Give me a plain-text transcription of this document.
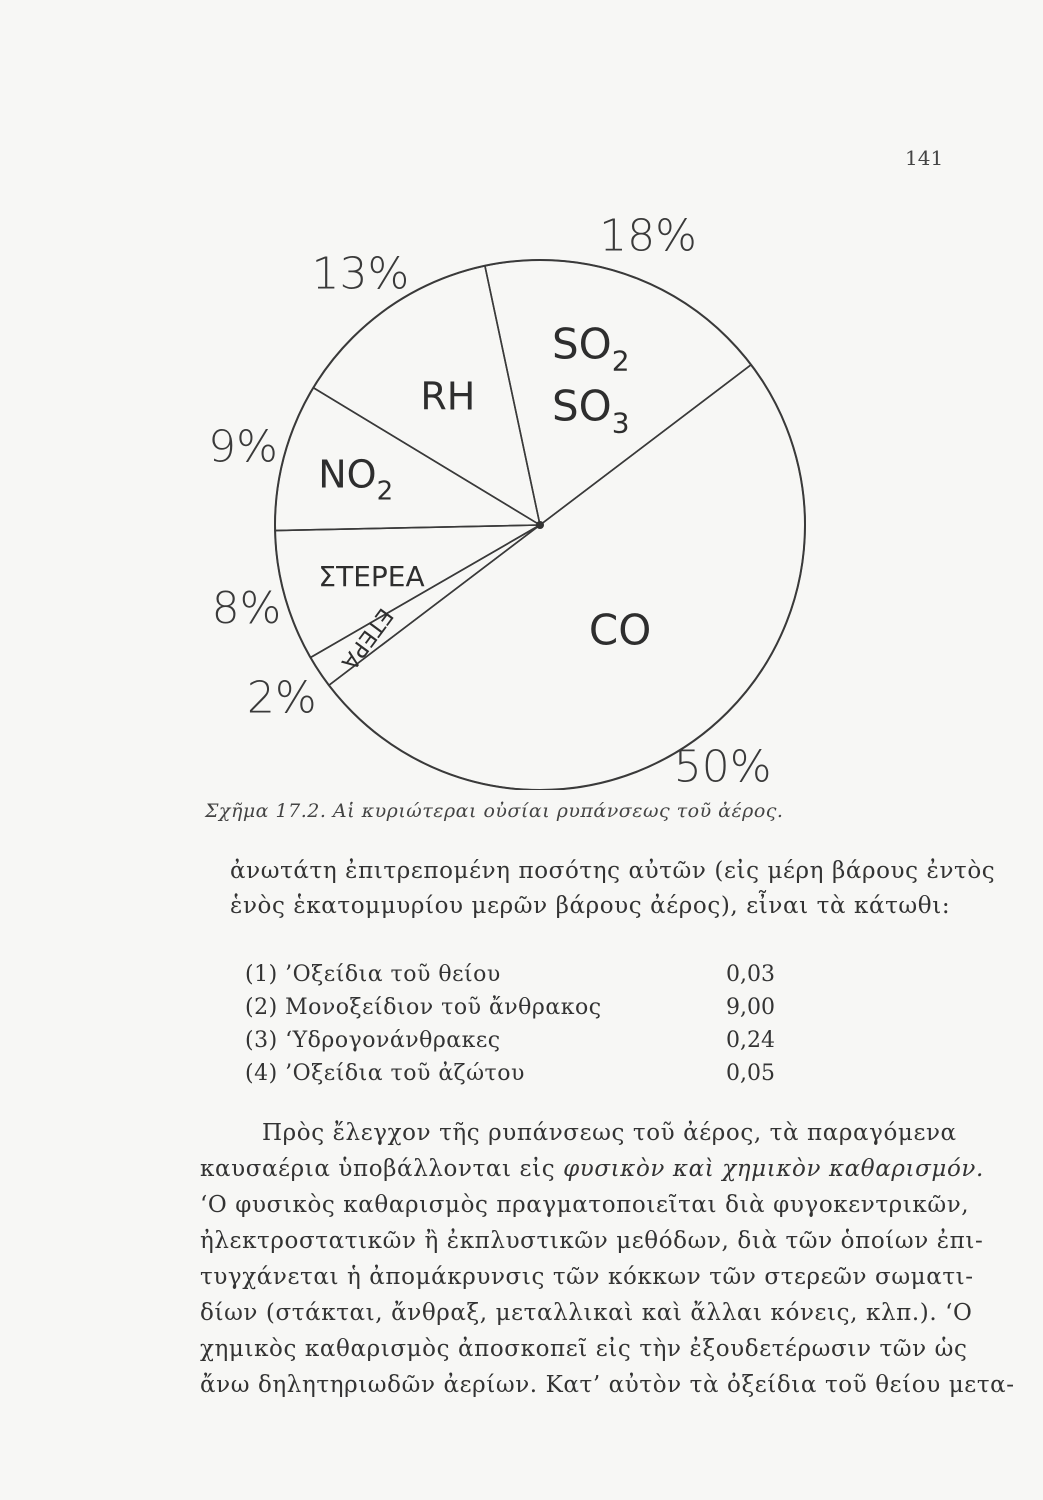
141
$SO_2$
$SO_3$
18%
CO
50%
ΕΤΕΡΑ
2%
ΣΤΕΡΕΑ
8%
$NO_2$
9%
RH
13%
Σχῆμα 17.2. Αἱ κυριώτεραι οὐσίαι ρυπάνσεως τοῦ ἀέρος.
ἀνωτάτη ἐπιτρεπομένη ποσότης αὐτῶν (εἰς μέρη βάρους ἐντὸς
ἑνὸς ἑκατομμυρίου μερῶν βάρους ἀέρος), εἶναι τὰ κάτωθι:
(1) ’Οξείδια τοῦ θείου	0,03
(2) Μονοξείδιον τοῦ ἄνθρακος	9,00
(3) ‘Υδρογονάνθρακες	0,24
(4) ’Οξείδια τοῦ ἀζώτου	0,05
Πρὸς ἔλεγχον τῆς ρυπάνσεως τοῦ ἀέρος, τὰ παραγόμενα
καυσαέρια ὑποβάλλονται εἰς φυσικὸν καὶ χημικὸν καθαρισμόν.
‘Ο φυσικὸς καθαρισμὸς πραγματοποιεῖται διὰ φυγοκεντρικῶν,
ἠλεκτροστατικῶν ἢ ἐκπλυστικῶν μεθόδων, διὰ τῶν ὁποίων ἐπι-
τυγχάνεται ἡ ἀπομάκρυνσις τῶν κόκκων τῶν στερεῶν σωματι-
δίων (στάκται, ἄνθραξ, μεταλλικαὶ καὶ ἄλλαι κόνεις, κλπ.). ‘Ο
χημικὸς καθαρισμὸς ἀποσκοπεῖ εἰς τὴν ἐξουδετέρωσιν τῶν ὡς
ἄνω δηλητηριωδῶν ἀερίων. Κατ’ αὐτὸν τὰ ὀξείδια τοῦ θείου μετα-
